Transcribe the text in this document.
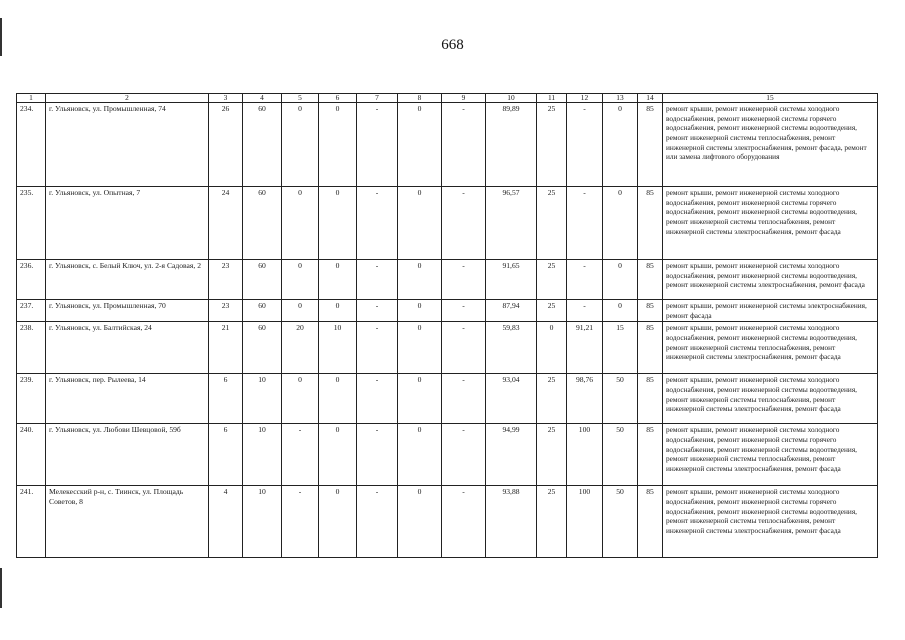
668
1	2	3	4	5	6	7	8	9	10	11	12	13	14	15
234.	г. Ульяновск, ул. Промышленная, 74	26	60	0	0	-	0	-	89,89	25	-	0	85	ремонт крыши, ремонт инженерной системы холодного водоснабжения, ремонт инженерной системы горячего водоснабжения, ремонт инженерной системы водоотведения, ремонт инженерной системы теплоснабжения, ремонт инженерной системы электроснабжения, ремонт фасада, ремонт или замена лифтового оборудования
235.	г. Ульяновск, ул. Опытная, 7	24	60	0	0	-	0	-	96,57	25	-	0	85	ремонт крыши, ремонт инженерной системы холодного водоснабжения, ремонт инженерной системы горячего водоснабжения, ремонт инженерной системы водоотведения, ремонт инженерной системы теплоснабжения, ремонт инженерной системы электроснабжения, ремонт фасада
236.	г. Ульяновск, с. Белый Ключ, ул. 2-я Садовая, 2	23	60	0	0	-	0	-	91,65	25	-	0	85	ремонт крыши, ремонт инженерной системы холодного водоснабжения, ремонт инженерной системы водоотведения, ремонт инженерной системы электроснабжения, ремонт фасада
237.	г. Ульяновск, ул. Промышленная, 70	23	60	0	0	-	0	-	87,94	25	-	0	85	ремонт крыши, ремонт инженерной системы электроснабжения, ремонт фасада
238.	г. Ульяновск, ул. Балтийская, 24	21	60	20	10	-	0	-	59,83	0	91,21	15	85	ремонт крыши, ремонт инженерной системы холодного водоснабжения, ремонт инженерной системы водоотведения, ремонт инженерной системы теплоснабжения, ремонт инженерной системы электроснабжения, ремонт фасада
239.	г. Ульяновск, пер. Рылеева, 14	6	10	0	0	-	0	-	93,04	25	98,76	50	85	ремонт крыши, ремонт инженерной системы холодного водоснабжения, ремонт инженерной системы водоотведения, ремонт инженерной системы теплоснабжения, ремонт инженерной системы электроснабжения, ремонт фасада
240.	г. Ульяновск, ул. Любови Шевцовой, 59б	6	10	-	0	-	0	-	94,99	25	100	50	85	ремонт крыши, ремонт инженерной системы холодного водоснабжения, ремонт инженерной системы горячего водоснабжения, ремонт инженерной системы водоотведения, ремонт инженерной системы теплоснабжения, ремонт инженерной системы электроснабжения, ремонт фасада
241.	Мелекесский р-н, с. Тиинск, ул. Площадь Советов, 8	4	10	-	0	-	0	-	93,88	25	100	50	85	ремонт крыши, ремонт инженерной системы холодного водоснабжения, ремонт инженерной системы горячего водоснабжения, ремонт инженерной системы водоотведения, ремонт инженерной системы теплоснабжения, ремонт инженерной системы электроснабжения, ремонт фасада
